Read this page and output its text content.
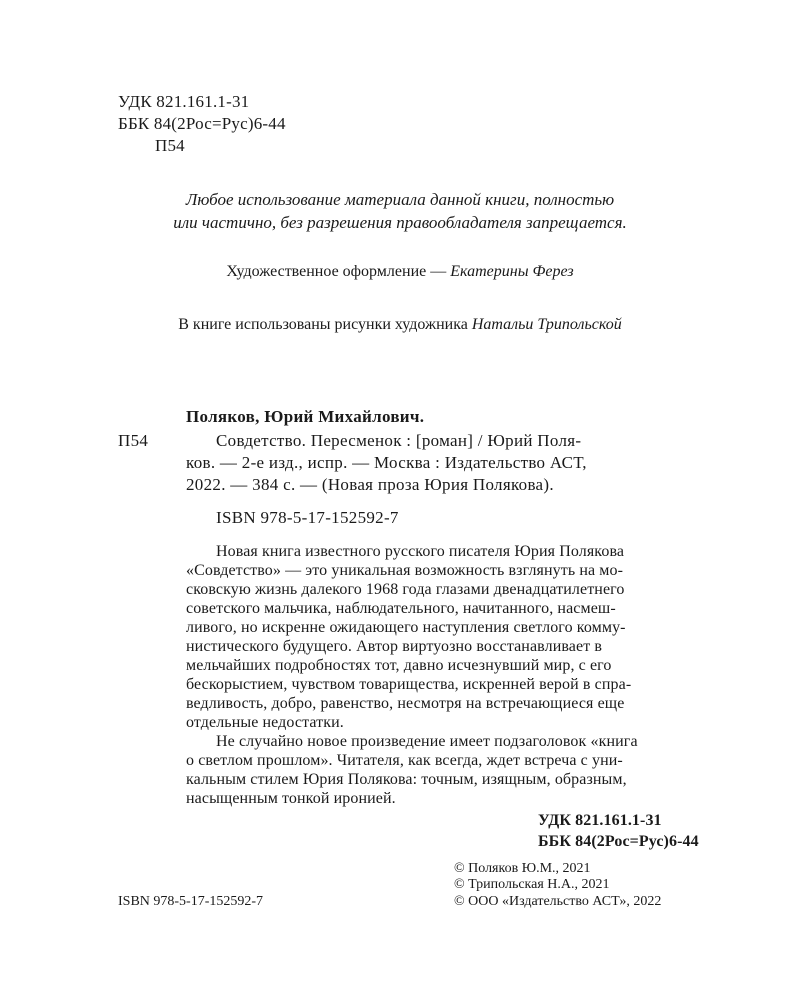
УДК 821.161.1-31
ББК 84(2Рос=Рус)6-44
П54
Любое использование материала данной книги, полностью
или частично, без разрешения правообладателя запрещается.
Художественное оформление — Екатерины Ферез
В книге использованы рисунки художника Натальи Трипольской
Поляков, Юрий Михайлович.
П54	Совдетство. Пересменок : [роман] / Юрий Поля-
ков. — 2-е изд., испр. — Москва : Издательство АСТ,
2022. — 384 с. — (Новая проза Юрия Полякова).
ISBN 978-5-17-152592-7
Новая книга известного русского писателя Юрия Полякова
«Совдетство» — это уникальная возможность взглянуть на мо-
сковскую жизнь далекого 1968 года глазами двенадцатилетнего
советского мальчика, наблюдательного, начитанного, насмеш-
ливого, но искренне ожидающего наступления светлого комму-
нистического будущего. Автор виртуозно восстанавливает в
мельчайших подробностях тот, давно исчезнувший мир, с его
бескорыстием, чувством товарищества, искренней верой в спра-
ведливость, добро, равенство, несмотря на встречающиеся еще
отдельные недостатки.
Не случайно новое произведение имеет подзаголовок «книга
о светлом прошлом». Читателя, как всегда, ждет встреча с уни-
кальным стилем Юрия Полякова: точным, изящным, образным,
насыщенным тонкой иронией.
УДК 821.161.1-31
ББК 84(2Рос=Рус)6-44
ISBN 978-5-17-152592-7
© Поляков Ю.М., 2021
© Трипольская Н.А., 2021
© ООО «Издательство АСТ», 2022
